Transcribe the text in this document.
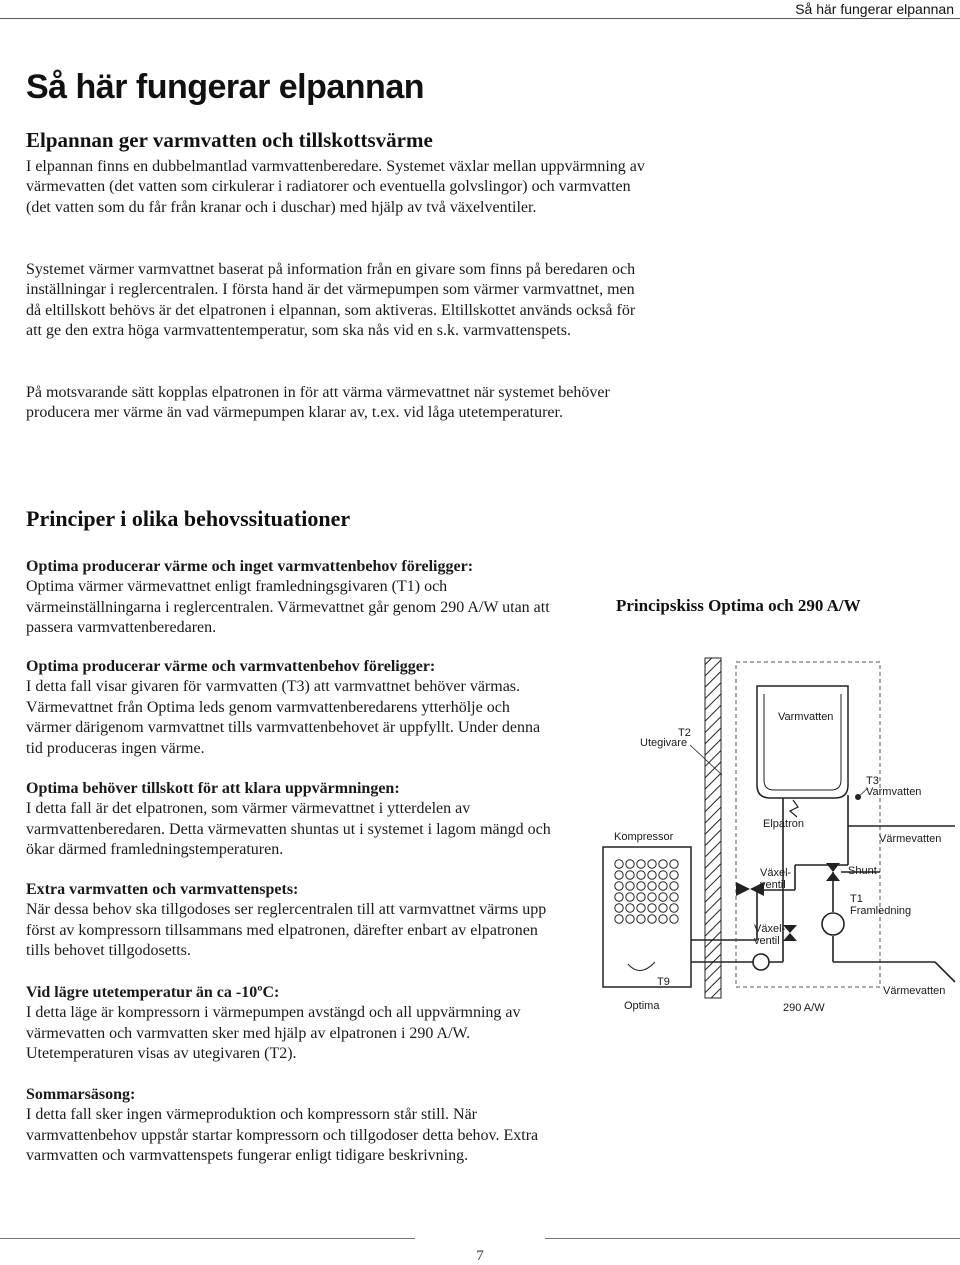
Så här fungerar elpannan
Så här fungerar elpannan
Elpannan ger varmvatten och tillskottsvärme

I elpannan finns en dubbelmantlad varmvattenberedare. Systemet växlar mellan uppvärmning av värmevatten (det vatten som cirkulerar i radiatorer och eventuella golvslingor) och varmvatten (det vatten som du får från kranar och i duschar) med hjälp av två växelventiler.

Systemet värmer varmvattnet baserat på information från en givare som finns på beredaren och inställningar i reglercentralen. I första hand är det värmepumpen som värmer varmvattnet, men då eltillskott behövs är det elpatronen i elpannan, som aktiveras. Eltillskottet används också för att ge den extra höga varmvattentemperatur, som ska nås vid en s.k. varmvattenspets.

På motsvarande sätt kopplas elpatronen in för att värma värmevattnet när systemet behöver producera mer värme än vad värmepumpen klarar av, t.ex. vid låga utetemperaturer.

Principer i olika behovssituationer

Optima producerar värme och inget varmvattenbehov föreligger:
Optima värmer värmevattnet enligt framledningsgivaren (T1) och värmeinställningarna i reglercentralen. Värmevattnet går genom 290 A/W utan att passera varmvattenberedaren.

Optima producerar värme och varmvattenbehov föreligger:
I detta fall visar givaren för varmvatten (T3) att varmvattnet behöver värmas. Värmevattnet från Optima leds genom varmvattenberedarens ytterhölje och värmer därigenom varmvattnet tills varmvattenbehovet är uppfyllt. Under denna tid produceras ingen värme.

Optima behöver tillskott för att klara uppvärmningen:
I detta fall är det elpatronen, som värmer värmevattnet i ytterdelen av varmvattenberedaren. Detta värmevatten shuntas ut i systemet i lagom mängd och ökar därmed framledningstemperaturen.

Extra varmvatten och varmvattenspets:
När dessa behov ska tillgodoses ser reglercentralen till att varmvattnet värms upp först av kompressorn tillsammans med elpatronen, därefter enbart av elpatronen tills behovet tillgodosetts.

Vid lägre utetemperatur än ca -10ºC:
I detta läge är kompressorn i värmepumpen avstängd och all uppvärmning av värmevatten och varmvatten sker med hjälp av elpatronen i 290 A/W. Utetemperaturen visas av utegivaren (T2).

Sommarsäsong:
I detta fall sker ingen värmeproduktion och kompressorn står still. När varmvattenbehov uppstår startar kompressorn och tillgodoser detta behov. Extra varmvatten och varmvattenspets fungerar enligt tidigare beskrivning.

Principskiss Optima och 290 A/W
T2
Utegivare
Varmvatten
T3
Varmvatten
Elpatron
Kompressor	Värmevatten
Växel-
ventil
Shunt
T1
Framledning
Växel-
ventil
T9
Optima	290 A/W
Värmevatten
7
